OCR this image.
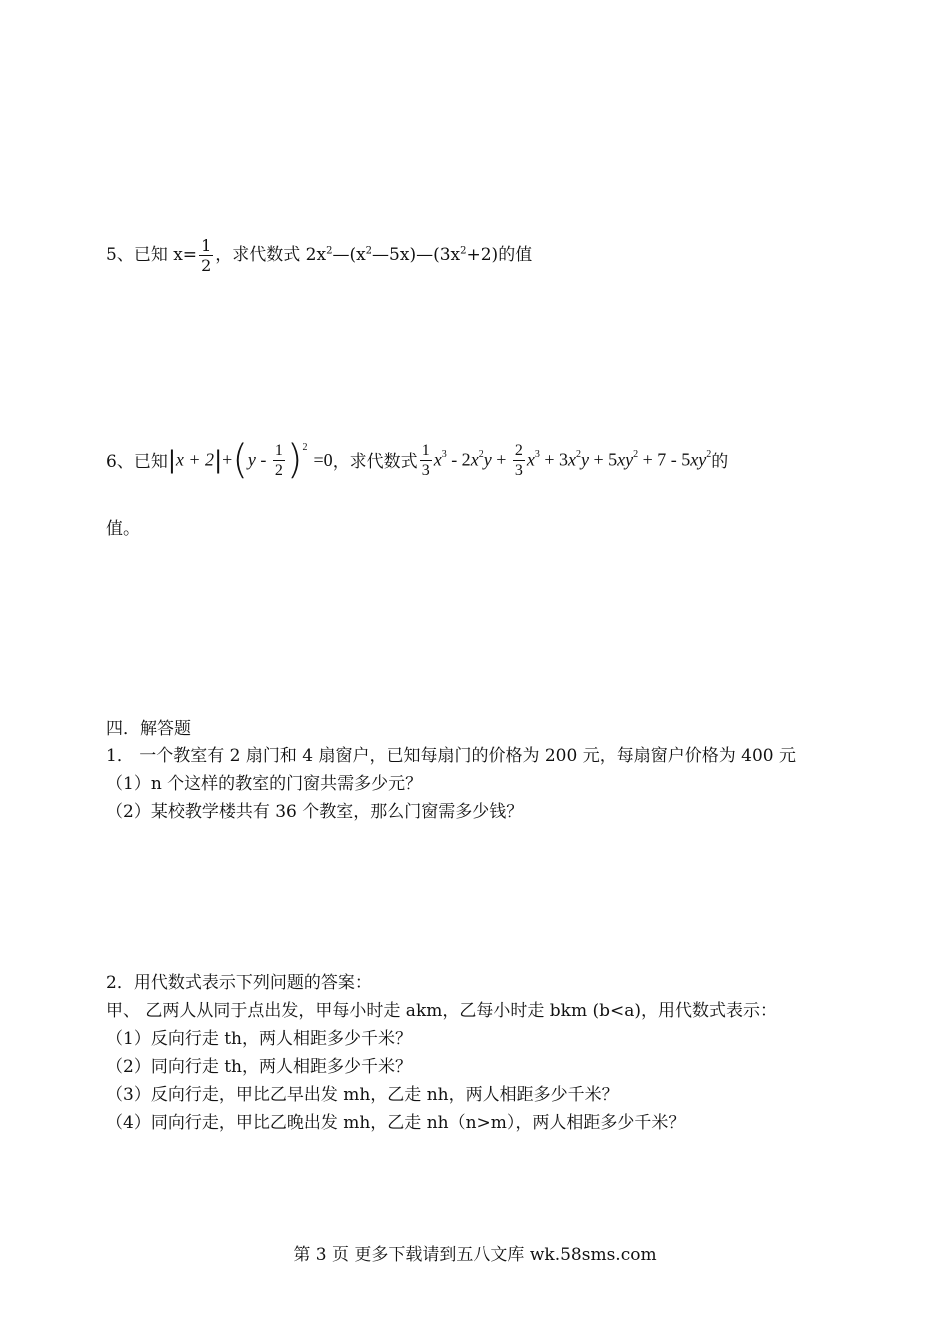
5、已知 $x= \frac{1}{2}$ ，求代数式 $2x^2—(x^2—5x)—(3x^2+2)$的值
6、已知$|x + 2|+(y - \frac{1}{2} )^2=0$，求代数式 $\frac{1}{3} x^3 - 2x^2y + \frac{2}{3} x^3 + 3x^2y + 5xy^2 + 7 - 5xy^2$的
值。
四．解答题
1． 一个教室有 2 扇门和 4 扇窗户，已知每扇门的价格为 200 元，每扇窗户价格为 400 元
（1）n 个这样的教室的门窗共需多少元？
（2）某校教学楼共有 36 个教室，那么门窗需多少钱？
2．用代数式表示下列问题的答案：
甲、 乙两人从同于点出发，甲每小时走 akm，乙每小时走 bkm (b<a)，用代数式表示：
（1）反向行走 th，两人相距多少千米？
（2）同向行走 th，两人相距多少千米？
（3）反向行走，甲比乙早出发 mh，乙走 nh，两人相距多少千米？
（4）同向行走，甲比乙晚出发 mh，乙走 nh（n>m），两人相距多少千米？
第 3 页 更多下载请到五八文库 wk.58sms.com
